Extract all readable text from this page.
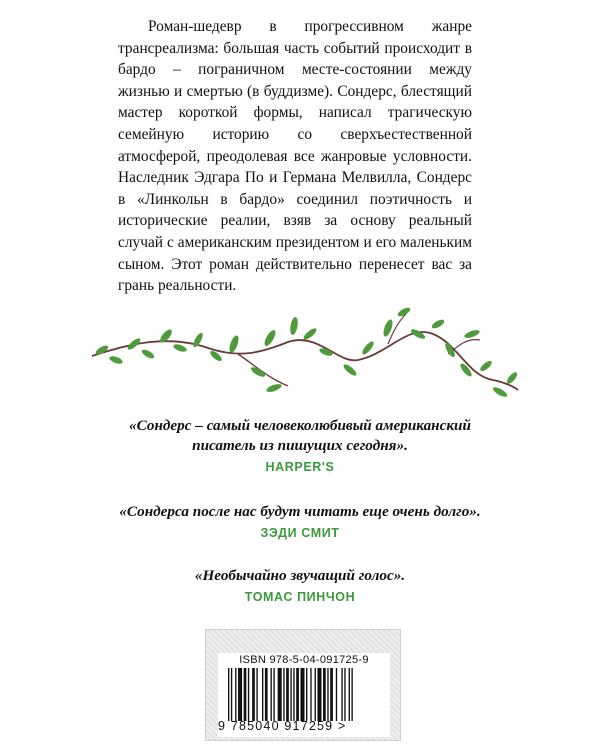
Роман-шедевр в прогрессивном жанре трансреализма: большая часть событий происходит в бардо – пограничном месте-состоянии между жизнью и смертью (в буддизме). Сондерс, блестящий мастер короткой формы, написал трагическую семейную историю со сверхъестественной атмосферой, преодолевая все жанровые условности. Наследник Эдгара По и Германа Мелвилла, Сондерс в «Линкольн в бардо» соединил поэтичность и исторические реалии, взяв за основу реальный случай с американским президентом и его маленьким сыном. Этот роман действительно перенесет вас за грань реальности.

«Сондерс – самый человеколюбивый американский
писатель из пишущих сегодня».
HARPER'S
«Сондерса после нас будут читать еще очень долго».
ЗЭДИ СМИТ
«Необычайно звучащий голос».
ТОМАС ПИНЧОН
ISBN 978-5-04-091725-9
9 785040 917259 >
